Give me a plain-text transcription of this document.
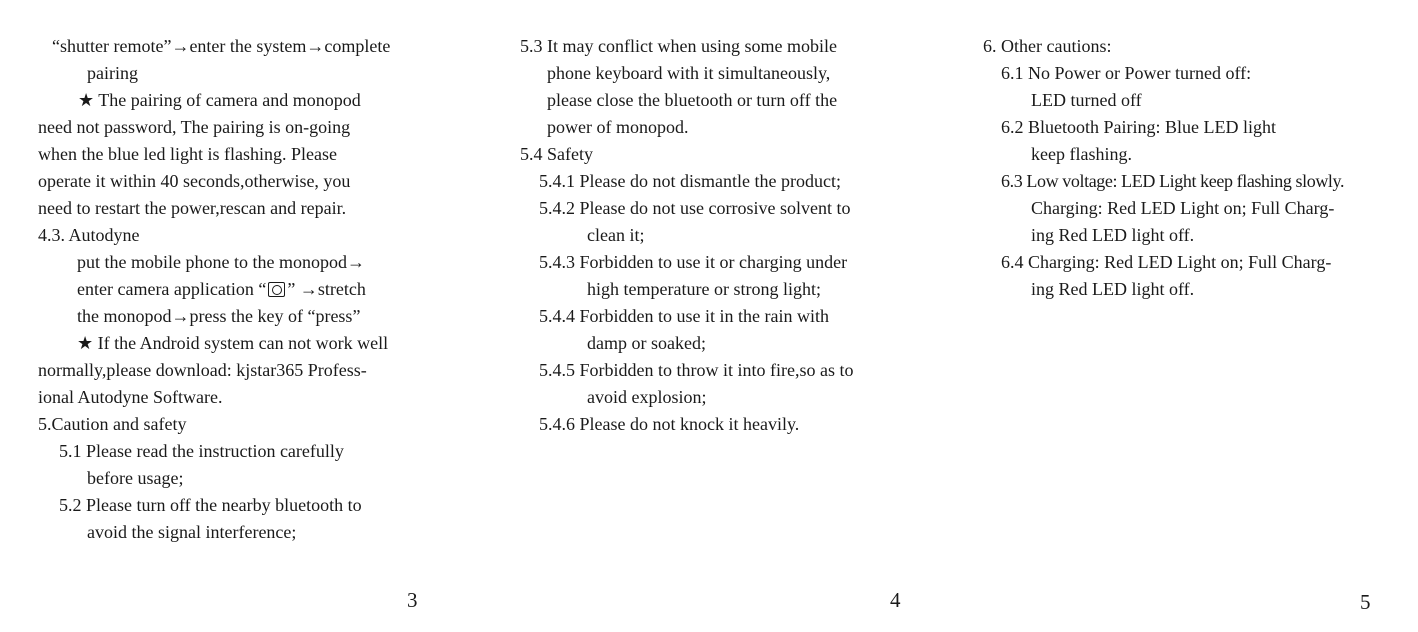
“shutter remote”→enter the system→complete
pairing
★ The pairing of camera and monopod
need not password, The pairing is on-going
when the blue led light is flashing. Please
operate it within 40 seconds,otherwise, you
need to restart the power,rescan and repair.
4.3. Autodyne
put the mobile phone to the monopod→
enter camera application “ ” →stretch
the monopod→press the key of “press”
★ If the Android system can not work well
normally,please download: kjstar365 Profess-
ional Autodyne Software.
5.Caution and safety
5.1 Please read the instruction carefully
before usage;
5.2 Please turn off the nearby bluetooth to
avoid the signal interference;
3
5.3 It may conflict when using some mobile
phone keyboard with it simultaneously,
please close the bluetooth or turn off the
power of monopod.
5.4 Safety
5.4.1 Please do not dismantle the product;
5.4.2 Please do not use corrosive solvent to
clean it;
5.4.3 Forbidden to use it or charging under
high temperature or strong light;
5.4.4 Forbidden to use it in the rain with
damp or soaked;
5.4.5 Forbidden to throw it into fire,so as to
avoid explosion;
5.4.6 Please do not knock it heavily.
4
6. Other cautions:
6.1 No Power or Power turned off:
LED turned off
6.2 Bluetooth Pairing: Blue LED light
keep flashing.
6.3 Low voltage: LED Light keep flashing slowly.
Charging: Red LED Light on; Full Charg-
ing Red LED light off.
6.4 Charging: Red LED Light on; Full Charg-
ing Red LED light off.
5
